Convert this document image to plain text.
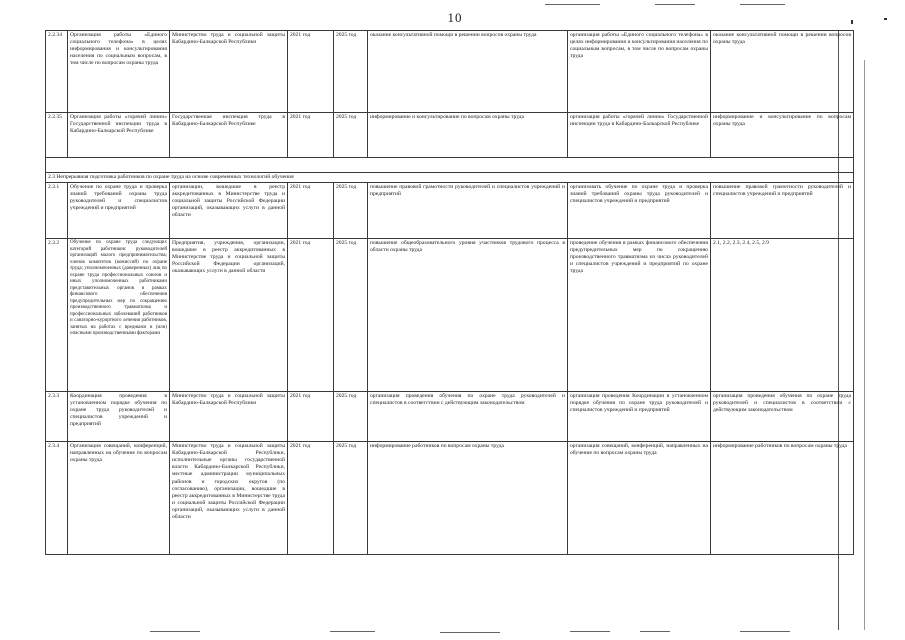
10
2.2.34	Организация работы «Единого социального телефона» в целях информирования и консультирования населения по социальным вопросам, в том числе по вопросам охраны труда	Министерство труда и социальной защиты Кабардино-Балкарской Республики	2021 год	2025 год	оказание консультативной помощи в решении вопросов охраны труда	организация работы «Единого социального телефона» в целях информирования и консультирования населения по социальным вопросам, в том числе по вопросам охраны труда	оказание консультативной помощи в решении вопросов охраны труда
2.2.35	Организация работы «горячей линии» Государственной инспекции труда в Кабардино-Балкарской Республике	Государственная инспекция труда в Кабардино-Балкарской Республике	2021 год	2025 год	информирование и консультирование по вопросам охраны труда	организация работы «горячей линии» Государственной инспекции труда в Кабардино-Балкарской Республике	информирование и консультирование по вопросам охраны труда

2.3 Непрерывная подготовка работников по охране труда на основе современных технологий обучения							
2.3.1	Обучение по охране труда и проверка знаний требований охраны труда руководителей и специалистов учреждений и предприятий	организации, вошедшие в реестр аккредитованных в Министерстве труда и социальной защиты Российской Федерации организаций, оказывающих услуги в данной области	2021 год	2025 год	повышение правовой грамотности руководителей и специалистов учреждений и предприятий	организовать обучение по охране труда и проверка знаний требований охраны труда руководителей и специалистов учреждений и предприятий	повышение правовой грамотности руководителей и специалистов учреждений и предприятий
2.3.2	Обучение по охране труда следующих категорий работников: руководителей организаций малого предпринимательства; членов комитетов (комиссий) по охране труда; уполномоченных (доверенных) лиц по охране труда профессиональных союзов и иных уполномоченных работниками представительных органов в рамках финансового обеспечения предупредительных мер по сокращению производственного травматизма и профессиональных заболеваний работников и санаторно-курортного лечения работников, занятых на работах с вредными и (или) опасными производственными факторами	Предприятия, учреждения, организации, вошедшие в реестр аккредитованных в Министерстве труда и социальной защиты Российской Федерации организаций, оказывающих услуги в данной области	2021 год	2025 год	повышение общеобразовательного уровня участников трудового процесса в области охраны труда	проведение обучения в рамках финансового обеспечения предупредительных мер по сокращению производственного травматизма из числа руководителей и специалистов учреждений и предприятий по охране труда	2.1, 2.2, 2.3, 2.4, 2.5, 2.9
2.3.3	Координация проведения в установленном порядке обучения по охране труда руководителей и специалистов учреждений и предприятий	Министерство труда и социальной защиты Кабардино-Балкарской Республики	2021 год	2025 год	организация проведения обучения по охране труда руководителей и специалистов в соответствии с действующим законодательством	организация проведения Координации в установленном порядке обучения по охране труда руководителей и специалистов учреждений и предприятий	организация проведения обучения по охране труда руководителей и специалистов в соответствии с действующим законодательством
2.3.4	Организация совещаний, конференций, направленных на обучение по вопросам охраны труда	Министерство труда и социальной защиты Кабардино-Балкарской Республики, исполнительные органы государственной власти Кабардино-Балкарской Республики, местные администрации муниципальных районов и городских округов (по согласованию), организации, вошедшие в реестр аккредитованных в Министерстве труда и социальной защиты Российской Федерации организаций, оказывающих услуги в данной области	2021 год	2025 год	информирование работников по вопросам охраны труда	организация совещаний, конференций, направленных на обучение по вопросам охраны труда	информирование работников по вопросам охраны труда
